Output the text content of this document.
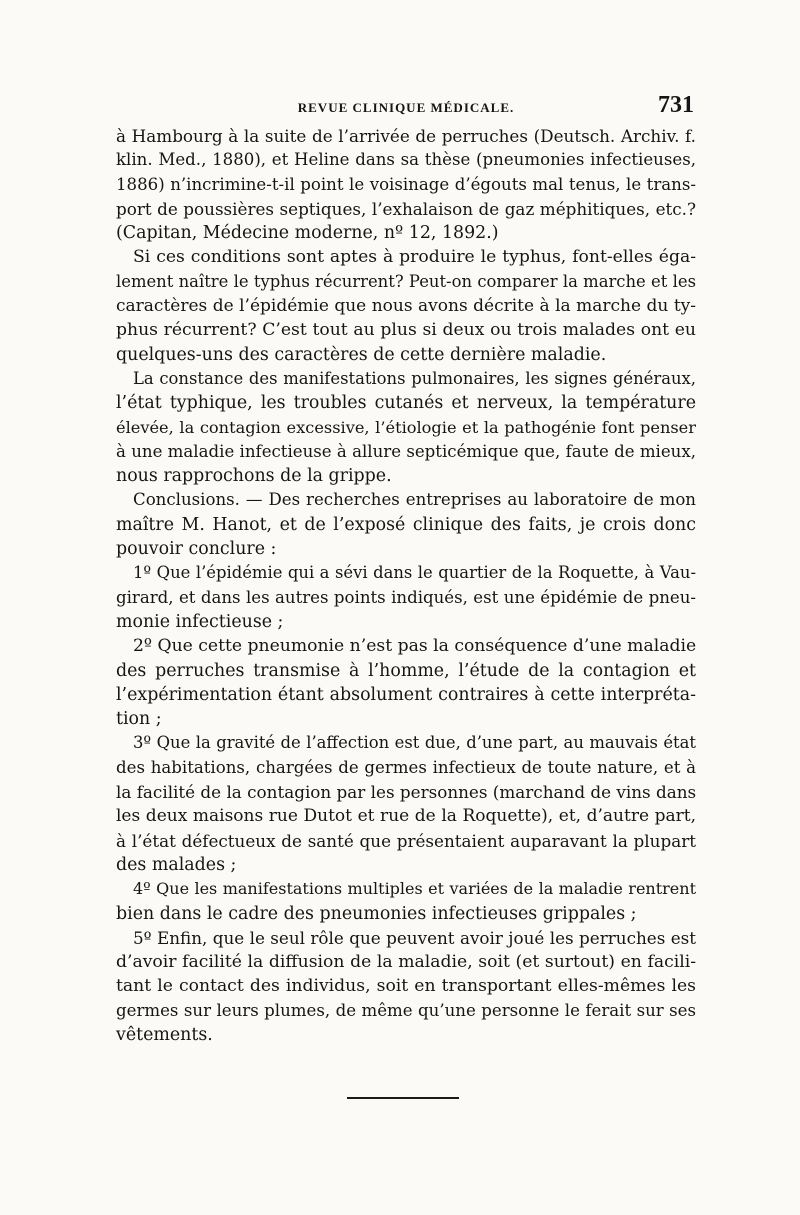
REVUE CLINIQUE MÉDICALE.	731
à Hambourg à la suite de l’arrivée de perruches (Deutsch. Archiv. f.
klin. Med., 1880), et Heline dans sa thèse (pneumonies infectieuses,
1886) n’incrimine-t-il point le voisinage d’égouts mal tenus, le trans-
port de poussières septiques, l’exhalaison de gaz méphitiques, etc.?
(Capitan, Médecine moderne, nº 12, 1892.)
Si ces conditions sont aptes à produire le typhus, font-elles éga-
lement naître le typhus récurrent? Peut-on comparer la marche et les
caractères de l’épidémie que nous avons décrite à la marche du ty-
phus récurrent? C’est tout au plus si deux ou trois malades ont eu
quelques-uns des caractères de cette dernière maladie.
La constance des manifestations pulmonaires, les signes généraux,
l’état typhique, les troubles cutanés et nerveux, la température
élevée, la contagion excessive, l’étiologie et la pathogénie font penser
à une maladie infectieuse à allure septicémique que, faute de mieux,
nous rapprochons de la grippe.
Conclusions. — Des recherches entreprises au laboratoire de mon
maître M. Hanot, et de l’exposé clinique des faits, je crois donc
pouvoir conclure :
1º Que l’épidémie qui a sévi dans le quartier de la Roquette, à Vau-
girard, et dans les autres points indiqués, est une épidémie de pneu-
monie infectieuse ;
2º Que cette pneumonie n’est pas la conséquence d’une maladie
des perruches transmise à l’homme, l’étude de la contagion et
l’expérimentation étant absolument contraires à cette interpréta-
tion ;
3º Que la gravité de l’affection est due, d’une part, au mauvais état
des habitations, chargées de germes infectieux de toute nature, et à
la facilité de la contagion par les personnes (marchand de vins dans
les deux maisons rue Dutot et rue de la Roquette), et, d’autre part,
à l’état défectueux de santé que présentaient auparavant la plupart
des malades ;
4º Que les manifestations multiples et variées de la maladie rentrent
bien dans le cadre des pneumonies infectieuses grippales ;
5º Enfin, que le seul rôle que peuvent avoir joué les perruches est
d’avoir facilité la diffusion de la maladie, soit (et surtout) en facili-
tant le contact des individus, soit en transportant elles-mêmes les
germes sur leurs plumes, de même qu’une personne le ferait sur ses
vêtements.
